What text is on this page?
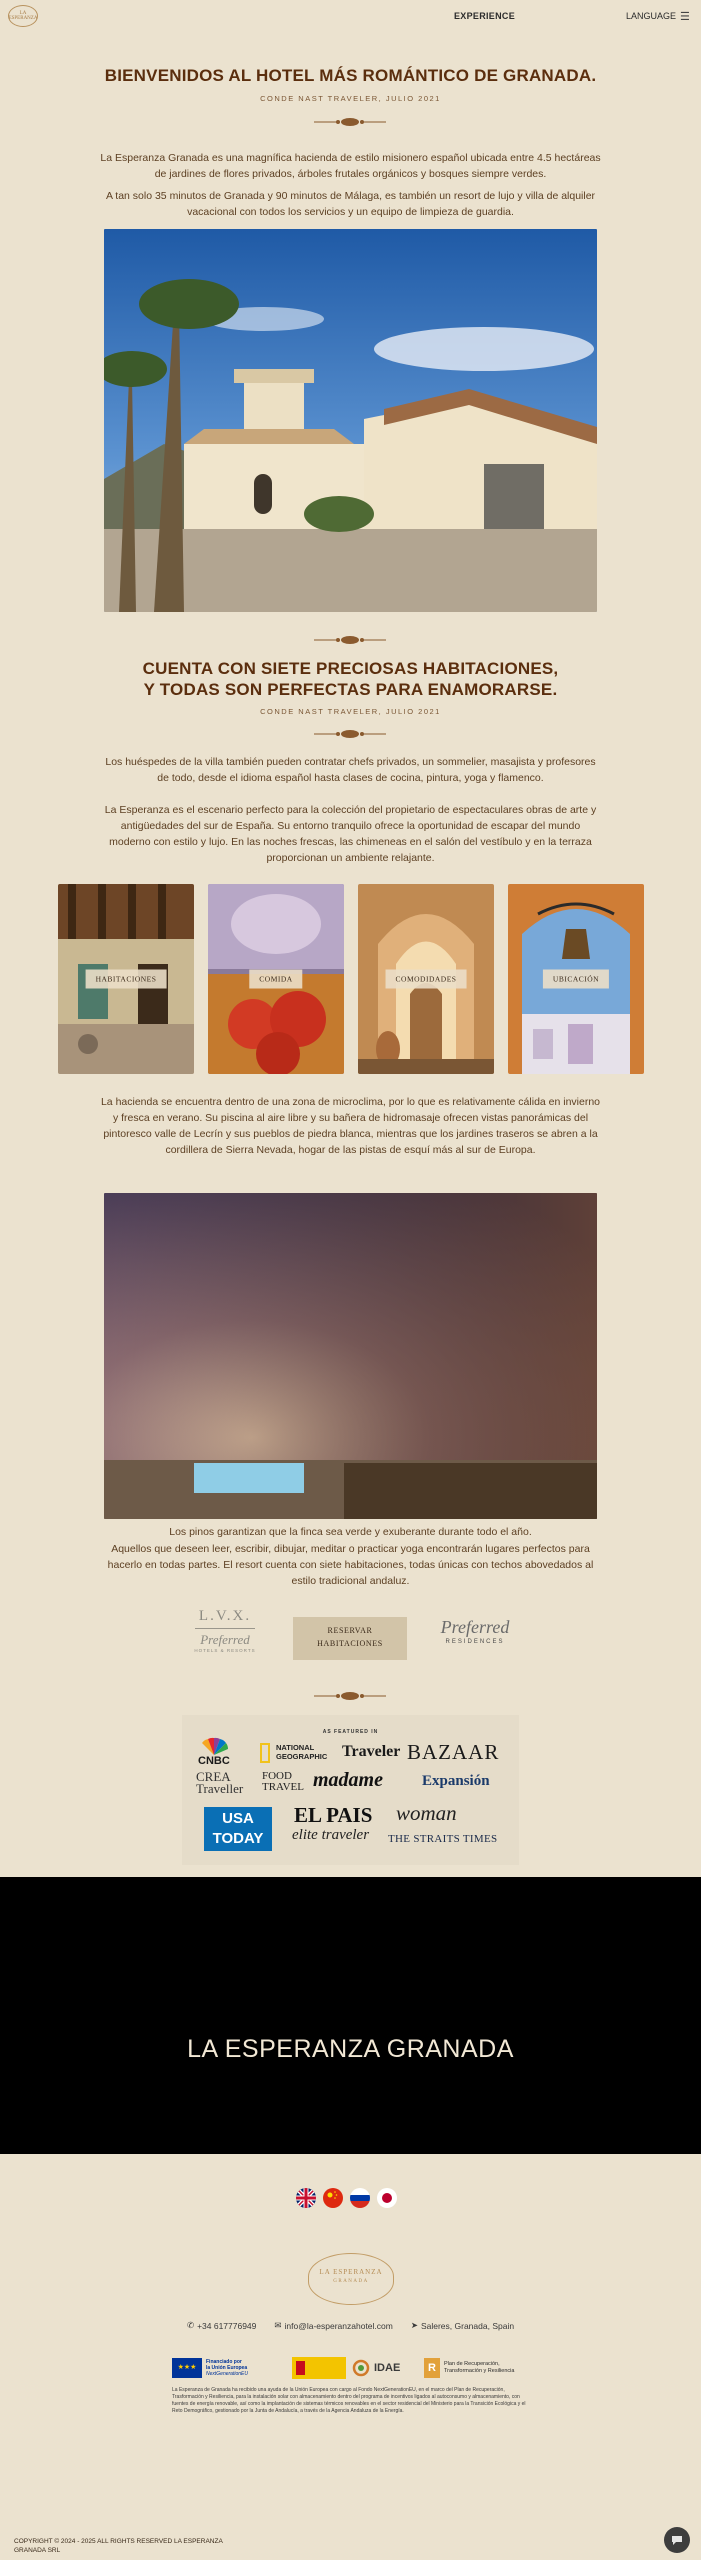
LA ESPERANZA	EXPERIENCE	LANGUAGE ☰
BIENVENIDOS AL HOTEL MÁS ROMÁNTICO DE GRANADA.
CONDE NAST TRAVELER, JULIO 2021
La Esperanza Granada es una magnífica hacienda de estilo misionero español ubicada entre 4.5 hectáreas de jardines de flores privados, árboles frutales orgánicos y bosques siempre verdes.
A tan solo 35 minutos de Granada y 90 minutos de Málaga, es también un resort de lujo y villa de alquiler vacacional con todos los servicios y un equipo de limpieza de guardia.
CUENTA CON SIETE PRECIOSAS HABITACIONES,
Y TODAS SON PERFECTAS PARA ENAMORARSE.
CONDE NAST TRAVELER, JULIO 2021
Los huéspedes de la villa también pueden contratar chefs privados, un sommelier, masajista y profesores de todo, desde el idioma español hasta clases de cocina, pintura, yoga y flamenco.
La Esperanza es el escenario perfecto para la colección del propietario de espectaculares obras de arte y antigüedades del sur de España. Su entorno tranquilo ofrece la oportunidad de escapar del mundo moderno con estilo y lujo. En las noches frescas, las chimeneas en el salón del vestíbulo y en la terraza proporcionan un ambiente relajante.
HABITACIONES	COMIDA	COMODIDADES	UBICACIÓN
La hacienda se encuentra dentro de una zona de microclima, por lo que es relativamente cálida en invierno y fresca en verano. Su piscina al aire libre y su bañera de hidromasaje ofrecen vistas panorámicas del pintoresco valle de Lecrín y sus pueblos de piedra blanca, mientras que los jardines traseros se abren a la cordillera de Sierra Nevada, hogar de las pistas de esquí más al sur de Europa.
Los pinos garantizan que la finca sea verde y exuberante durante todo el año.
Aquellos que deseen leer, escribir, dibujar, meditar o practicar yoga encontrarán lugares perfectos para hacerlo en todas partes. El resort cuenta con siete habitaciones, todas únicas con techos abovedados al estilo tradicional andaluz.
L.V.X.
Preferred
HOTELS & RESORTS
RESERVAR
HABITACIONES
Preferred
RESIDENCES
AS FEATURED IN
CNBC
NATIONAL GEOGRAPHIC Traveler BAZAAR
CREA Traveller
FOOD TRAVEL madame	Expansión
USA TODAY
EL PAIS woman
elite traveler THE STRAITS TIMES
LA ESPERANZA GRANADA
LA ESPERANZA
GRANADA
✆ +34 617776949 ✉ info@la-esperanzahotel.com ➤ Saleres, Granada, Spain
★★★
Financiado por
la Unión Europea
NextGenerationEU	IDAE	R	Plan de Recuperación,
Transformación y Resiliencia
La Esperanza de Granada ha recibido una ayuda de la Unión Europea con cargo al Fondo NextGenerationEU, en el marco del Plan de Recuperación, Trasformación y Resiliencia, para la instalación solar con almacenamiento dentro del programa de incentivos ligados al autoconsumo y almacenamiento, con fuentes de energía renovable, así como la implantación de sistemas térmicos renovables en el sector residencial del Ministerio para la Transición Ecológica y el Reto Demográfico, gestionado por la Junta de Andalucía, a través de la Agencia Andaluza de la Energía.
COPYRIGHT © 2024 - 2025 ALL RIGHTS RESERVED LA ESPERANZA GRANADA SRL
